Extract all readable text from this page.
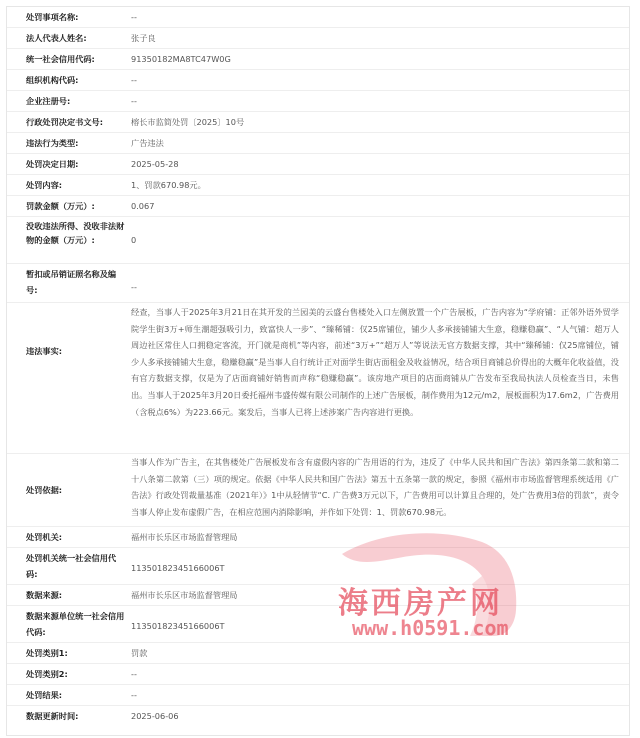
处罚事项名称:	--
法人代表人姓名:	张子良
统一社会信用代码:	91350182MA8TC47W0G
组织机构代码:	--
企业注册号:	--
行政处罚决定书文号:	榕长市监简处罚〔2025〕10号
违法行为类型:	广告违法
处罚决定日期:	2025-05-28
处罚内容:	1、罚款670.98元。
罚款金额（万元）:	0.067
没收违法所得、没收非法财物的金额（万元）:	0
暂扣或吊销证照名称及编号:	--
违法事实:
经查，当事人于2025年3月21日在其开发的兰园美的云盛台售楼处入口左侧放置一个广告展板，广告内容为“学府铺：正邻外语外贸学院学生街3万+师生潮超强吸引力，致富快人一步”、“臻稀铺：仅25席铺位，铺少人多承接铺铺大生意，稳赚稳赢”、“人气铺：超万人周边社区常住人口拥稳定客流，开门就是商机”等内容，前述“3万+”“超万人”等说法无官方数据支撑，其中“臻稀铺：仅25席铺位，铺少人多承接铺铺大生意，稳赚稳赢”是当事人自行统计正对面学生街店面租金及收益情况，结合项目商铺总价得出的大概年化收益值，没有官方数据支撑，仅是为了店面商铺好销售而声称“稳赚稳赢”。该房地产项目的店面商铺从广告发布至我局执法人员检查当日，未售出。当事人于2025年3月20日委托福州韦盛传媒有限公司制作的上述广告展板，制作费用为12元/m2，展板面积为17.6m2，广告费用（含税点6%）为223.66元。案发后，当事人已将上述涉案广告内容进行更换。
处罚依据:
当事人作为广告主，在其售楼处广告展板发布含有虚假内容的广告用语的行为，违反了《中华人民共和国广告法》第四条第二款和第二十八条第二款第（三）项的规定。依据《中华人民共和国广告法》第五十五条第一款的规定，参照《福州市市场监督管理系统适用《广告法》行政处罚裁量基准（2021年）》1中从轻情节“C. 广告费3万元以下，广告费用可以计算且合理的，处广告费用3倍的罚款”，责令当事人停止发布虚假广告，在相应范围内消除影响，并作如下处罚：1、罚款670.98元。
处罚机关:	福州市长乐区市场监督管理局
处罚机关统一社会信用代码:
11350182345166006T
数据来源:	福州市长乐区市场监督管理局
数据来源单位统一社会信用代码:
11350182345166006T
处罚类别1:	罚款
处罚类别2:	--
处罚结果:	--
数据更新时间:	2025-06-06
海西房产网
www.h0591.com
